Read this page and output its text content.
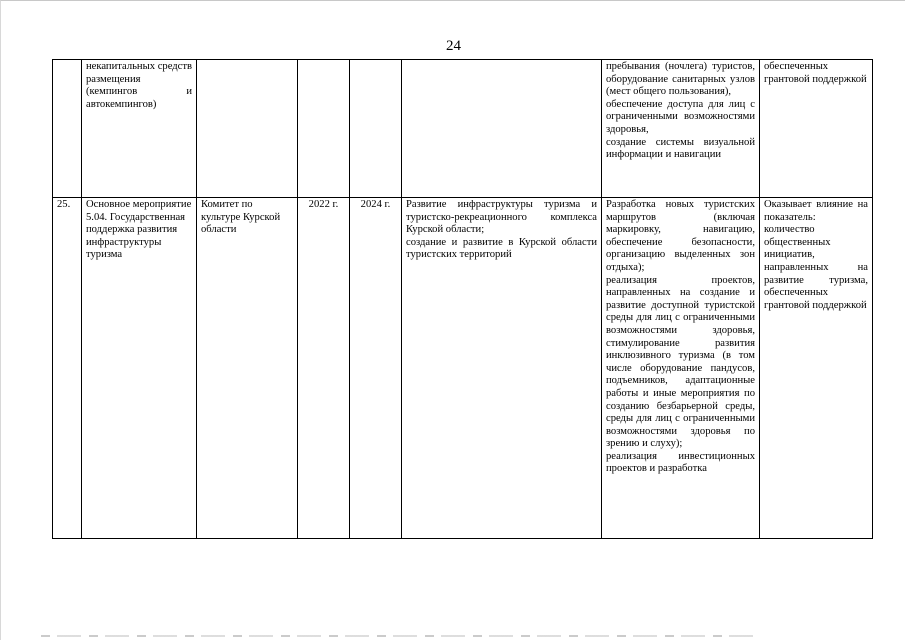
24
	некапитальных средств размещения (кемпингов и автокемпингов)					пребывания (ночлега) туристов, оборудование санитарных узлов (мест общего пользования),
обеспечение доступа для лиц с ограниченными возможностями здоровья,
создание системы визуальной информации и навигации	обеспеченных грантовой поддержкой
25.	Основное мероприятие 5.04. Государственная поддержка развития инфраструктуры туризма	Комитет по культуре Курской области	2022 г.	2024 г.	Развитие инфраструктуры туризма и туристско-рекреационного комплекса Курской области;
создание и развитие в Курской области туристских территорий	Разработка новых туристских маршрутов (включая маркировку, навигацию, обеспечение безопасности, организацию выделенных зон отдыха);
реализация проектов, направленных на создание и развитие доступной туристской среды для лиц с ограниченными возможностями здоровья, стимулирование развития инклюзивного туризма (в том числе оборудование пандусов, подъемников, адаптационные работы и иные мероприятия по созданию безбарьерной среды, среды для лиц с ограниченными возможностями здоровья по зрению и слуху);
реализация инвестиционных проектов и разработка	Оказывает влияние на показатель: количество общественных инициатив, направленных на развитие туризма, обеспеченных грантовой поддержкой
